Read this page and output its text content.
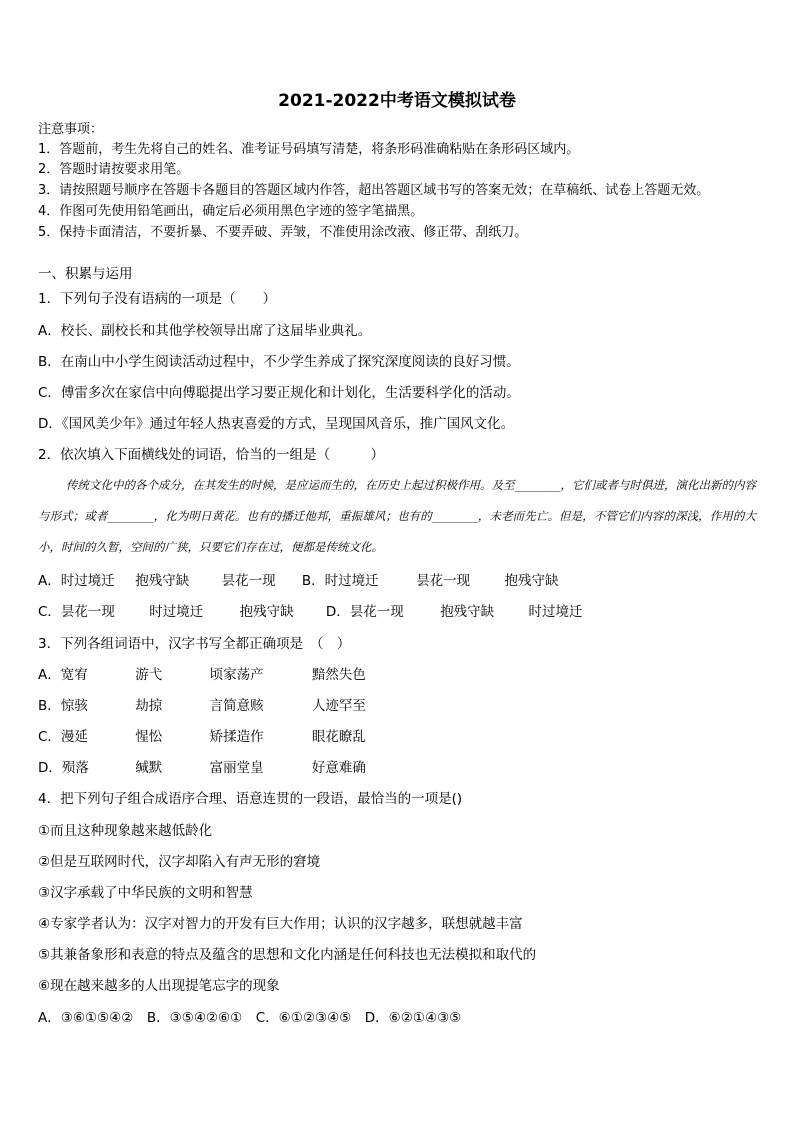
2021-2022中考语文模拟试卷
注意事项：
1．答题前，考生先将自己的姓名、准考证号码填写清楚，将条形码准确粘贴在条形码区域内。
2．答题时请按要求用笔。
3．请按照题号顺序在答题卡各题目的答题区域内作答，超出答题区域书写的答案无效；在草稿纸、试卷上答题无效。
4．作图可先使用铅笔画出，确定后必须用黑色字迹的签字笔描黑。
5．保持卡面清洁，不要折暴、不要弄破、弄皱，不准使用涂改液、修正带、刮纸刀。
一、积累与运用
1．下列句子没有语病的一项是（　　）
A．校长、副校长和其他学校领导出席了这届毕业典礼。
B．在南山中小学生阅读活动过程中，不少学生养成了探究深度阅读的良好习惯。
C．傅雷多次在家信中向傅聪提出学习要正规化和计划化，生活要科学化的活动。
D．《国风美少年》通过年轻人热衷喜爱的方式，呈现国风音乐，推广国风文化。
2．依次填入下面横线处的词语，恰当的一组是（　　　）
传统文化中的各个成分，在其发生的时候，是应运而生的，在历史上起过积极作用。及至________，它们或者与时俱进，演化出新的内容与形式；或者________，化为明日黄花。也有的播迁他邦，重振雄风；也有的________，未老而先亡。但是，不管它们内容的深浅，作用的大小，时间的久暂，空间的广狭，只要它们存在过，便都是传统文化。
A．时过境迁 抱残守缺 昙花一现 B．时过境迁	昙花一现	抱残守缺
C．昙花一现	时过境迁	抱残守缺 D．昙花一现	抱残守缺	时过境迁
3．下列各组词语中，汉字书写全都正确项是　（　）
A．宽宥	游弋	顷家荡产	黯然失色
B．惊骇	劫掠	言简意赅	人迹罕至
C．漫延	惺忪	矫揉造作	眼花瞭乱
D．殒落	缄默	富丽堂皇	好意难确
4．把下列句子组合成语序合理、语意连贯的一段语，最恰当的一项是()
①而且这种现象越来越低龄化
②但是互联网时代，汉字却陷入有声无形的窘境
③汉字承载了中华民族的文明和智慧
④专家学者认为：汉字对智力的开发有巨大作用；认识的汉字越多，联想就越丰富
⑤其兼备象形和表意的特点及蕴含的思想和文化内涵是任何科技也无法模拟和取代的
⑥现在越来越多的人出现提笔忘字的现象
A．③⑥①⑤④②　B．③⑤④②⑥①　C．⑥①②③④⑤　D．⑥②①④③⑤
